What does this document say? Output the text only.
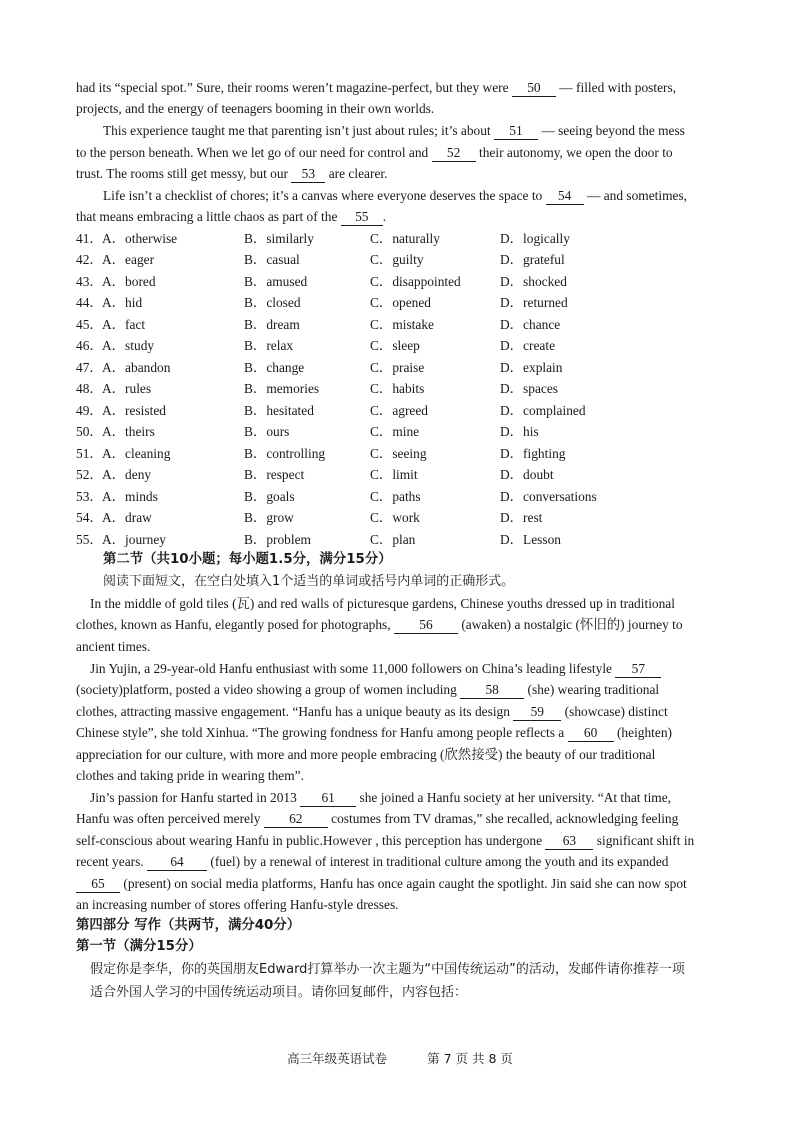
had its “special spot.” Sure, their rooms weren’t magazine-perfect, but they were 50 — filled with posters,
projects, and the energy of teenagers booming in their own worlds.
This experience taught me that parenting isn’t just about rules; it’s about 51 — seeing beyond the mess
to the person beneath. When we let go of our need for control and 52 their autonomy, we open the door to
trust. The rooms still get messy, but our 53 are clearer.
Life isn’t a checklist of chores; it’s a canvas where everyone deserves the space to 54 — and sometimes,
that means embracing a little chaos as part of the 55 .
41． A．otherwise	B．similarly	C．naturally	D．logically
42． A．eager	B．casual	C．guilty	D．grateful
43． A．bored	B．amused	C．disappointed	D．shocked
44． A．hid	B．closed	C．opened	D．returned
45． A．fact	B．dream	C．mistake	D．chance
46． A．study	B．relax	C．sleep	D．create
47． A．abandon	B．change	C．praise	D．explain
48． A．rules	B．memories	C．habits	D．spaces
49． A．resisted	B．hesitated	C．agreed	D．complained
50． A．theirs	B．ours	C．mine	D．his
51． A．cleaning	B．controlling	C．seeing	D．fighting
52． A．deny	B．respect	C．limit	D．doubt
53． A．minds	B．goals	C．paths	D．conversations
54． A．draw	B．grow	C．work	D．rest
55． A．journey	B．problem	C．plan	D．Lesson
第二节（共10小题；每小题1.5分，满分15分）
阅读下面短文，在空白处填入1个适当的单词或括号内单词的正确形式。
In the middle of gold tiles (瓦) and red walls of picturesque gardens, Chinese youths dressed up in traditional
clothes, known as Hanfu, elegantly posed for photographs, 56 (awaken) a nostalgic (怀旧的) journey to
ancient times.
Jin Yujin, a 29-year-old Hanfu enthusiast with some 11,000 followers on China’s leading lifestyle 57
(society)platform, posted a video showing a group of women including 58 (she) wearing traditional
clothes, attracting massive engagement. “Hanfu has a unique beauty as its design 59 (showcase) distinct
Chinese style”, she told Xinhua. “The growing fondness for Hanfu among people reflects a 60 (heighten)
appreciation for our culture, with more and more people embracing (欣然接受) the beauty of our traditional
clothes and taking pride in wearing them”.
Jin’s passion for Hanfu started in 2013 61 she joined a Hanfu society at her university. “At that time,
Hanfu was often perceived merely 62 costumes from TV dramas,” she recalled, acknowledging feeling
self-conscious about wearing Hanfu in public.However , this perception has undergone 63 significant shift in
recent years. 64 (fuel) by a renewal of interest in traditional culture among the youth and its expanded
65 (present) on social media platforms, Hanfu has once again caught the spotlight. Jin said she can now spot
an increasing number of stores offering Hanfu-style dresses.
第四部分 写作（共两节，满分40分）
第一节（满分15分）
假定你是李华，你的英国朋友Edward打算举办一次主题为“中国传统运动”的活动，发邮件请你推荐一项
适合外国人学习的中国传统运动项目。请你回复邮件，内容包括：
高三年级英语试卷	第 7 页 共 8 页
